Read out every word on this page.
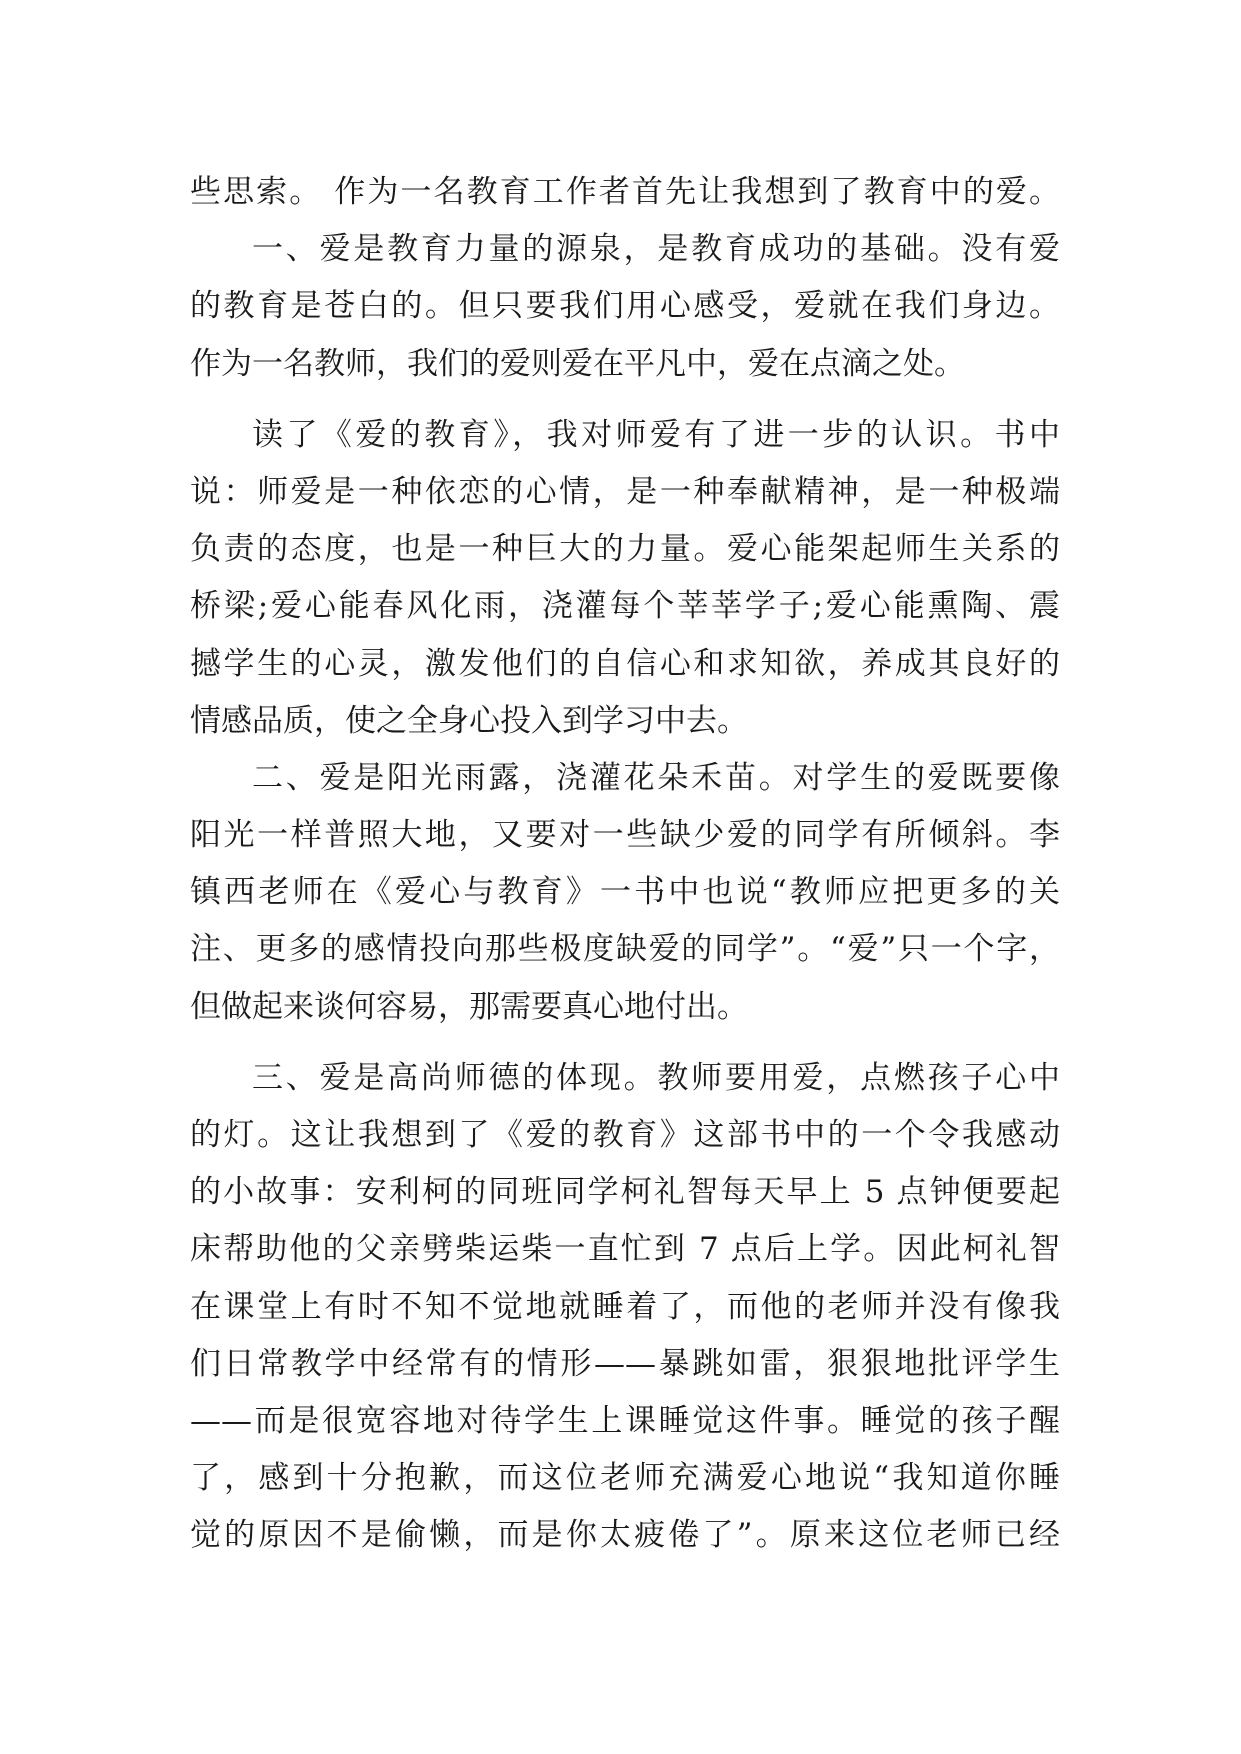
些思索。 作为一名教育工作者首先让我想到了教育中的爱。
一、爱是教育力量的源泉，是教育成功的基础。没有爱
的教育是苍白的。但只要我们用心感受，爱就在我们身边。
作为一名教师，我们的爱则爱在平凡中，爱在点滴之处。
读了《爱的教育》，我对师爱有了进一步的认识。书中
说：师爱是一种依恋的心情，是一种奉献精神，是一种极端
负责的态度，也是一种巨大的力量。爱心能架起师生关系的
桥梁;爱心能春风化雨，浇灌每个莘莘学子;爱心能熏陶、震
撼学生的心灵，激发他们的自信心和求知欲，养成其良好的
情感品质，使之全身心投入到学习中去。
二、爱是阳光雨露，浇灌花朵禾苗。对学生的爱既要像
阳光一样普照大地，又要对一些缺少爱的同学有所倾斜。李
镇西老师在《爱心与教育》一书中也说“教师应把更多的关
注、更多的感情投向那些极度缺爱的同学”。“爱”只一个字，
但做起来谈何容易，那需要真心地付出。
三、爱是高尚师德的体现。教师要用爱，点燃孩子心中
的灯。这让我想到了《爱的教育》这部书中的一个令我感动
的小故事：安利柯的同班同学柯礼智每天早上 5 点钟便要起
床帮助他的父亲劈柴运柴一直忙到 7 点后上学。因此柯礼智
在课堂上有时不知不觉地就睡着了，而他的老师并没有像我
们日常教学中经常有的情形——暴跳如雷，狠狠地批评学生
——而是很宽容地对待学生上课睡觉这件事。睡觉的孩子醒
了，感到十分抱歉，而这位老师充满爱心地说“我知道你睡
觉的原因不是偷懒，而是你太疲倦了”。原来这位老师已经
